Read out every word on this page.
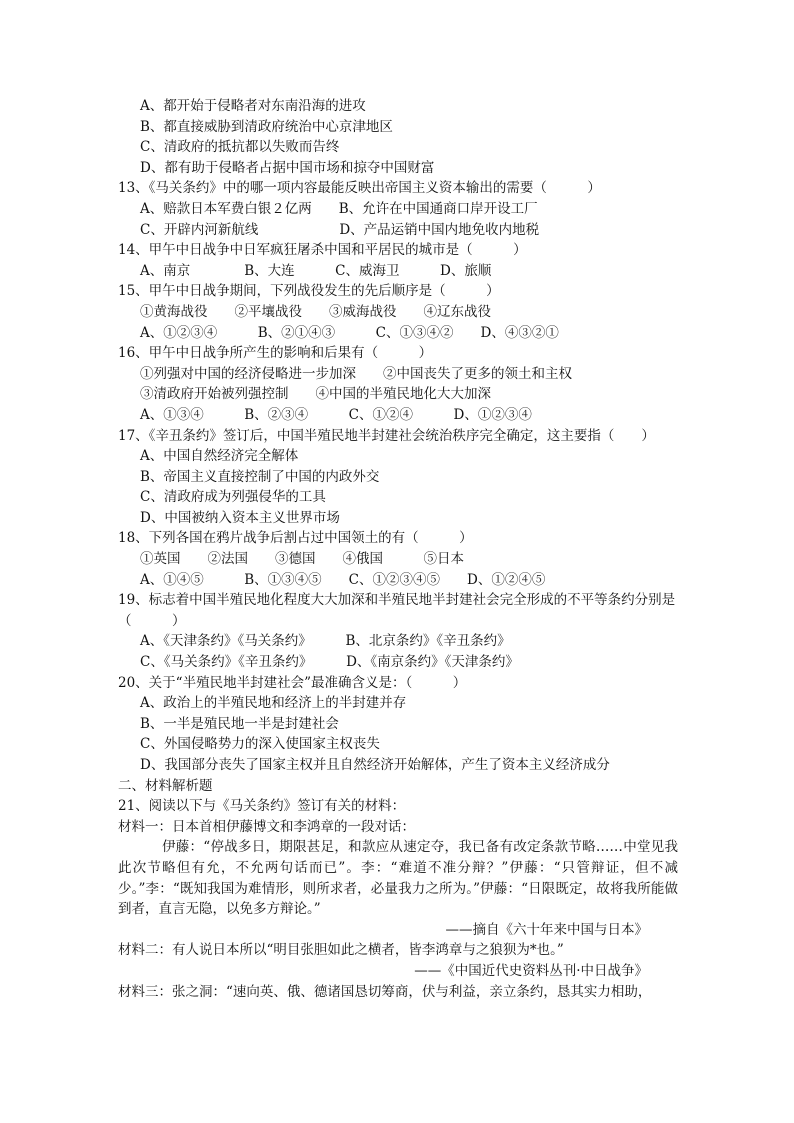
A、都开始于侵略者对东南沿海的进攻
B、都直接威胁到清政府统治中心京津地区
C、清政府的抵抗都以失败而告终
D、都有助于侵略者占据中国市场和掠夺中国财富
13、《马关条约》中的哪一项内容最能反映出帝国主义资本输出的需要（　　　）
A、赔款日本军费白银２亿两　　B、允许在中国通商口岸开设工厂
C、开辟内河新航线　　　　　　D、产品运销中国内地免收内地税
14、甲午中日战争中日军疯狂屠杀中国和平居民的城市是（　　　）
A、南京　　　　B、大连　　　C、威海卫　　　D、旅顺
15、甲午中日战争期间，下列战役发生的先后顺序是（　　　）
①黄海战役　　②平壤战役　　③威海战役　　④辽东战役
A、①②③④　　　B、②①④③　　　C、①③④②　　D、④③②①
16、甲午中日战争所产生的影响和后果有（　　　）
①列强对中国的经济侵略进一步加深　　②中国丧失了更多的领土和主权
③清政府开始被列强控制　　④中国的半殖民地化大大加深
A、①③④　　　B、②③④　　　C、①②④　　　D、①②③④
17、《辛丑条约》签订后，中国半殖民地半封建社会统治秩序完全确定，这主要指（　　）
A、中国自然经济完全解体
B、帝国主义直接控制了中国的内政外交
C、清政府成为列强侵华的工具
D、中国被纳入资本主义世界市场
18、下列各国在鸦片战争后割占过中国领土的有（　　　）
①英国　　②法国　　③德国　　④俄国　　　⑤日本
A、①④⑤　　　B、①③④⑤　　C、①②③④⑤　　D、①②④⑤
19、标志着中国半殖民地化程度大大加深和半殖民地半封建社会完全形成的不平等条约分别是（　　　）
A、《天津条约》《马关条约》　　　B、北京条约》《辛丑条约》
C、《马关条约》《辛丑条约》　　　D、《南京条约》《天津条约》
20、关于“半殖民地半封建社会”最准确含义是：（　　　）
A、政治上的半殖民地和经济上的半封建并存
B、一半是殖民地一半是封建社会
C、外国侵略势力的深入使国家主权丧失
D、我国部分丧失了国家主权并且自然经济开始解体，产生了资本主义经济成分
二、材料解析题
21、阅读以下与《马关条约》签订有关的材料：
材料一：日本首相伊藤博文和李鸿章的一段对话：
伊藤：“停战多日，期限甚足，和款应从速定夺，我已备有改定条款节略……中堂见我此次节略但有允，不允两句话而已”。李：“难道不准分辩？”伊藤：“只管辩证，但不减少。”李：“既知我国为难情形，则所求者，必量我力之所为。”伊藤：“日限既定，故将我所能做到者，直言无隐，以免多方辩论。”
——摘自《六十年来中国与日本》
材料二：有人说日本所以“明目张胆如此之横者，皆李鸿章与之狼狈为*也。”
——《中国近代史资料丛刊·中日战争》
材料三：张之洞：“速向英、俄、德诸国恳切筹商，伏与利益，亲立条约，恳其实力相助，
